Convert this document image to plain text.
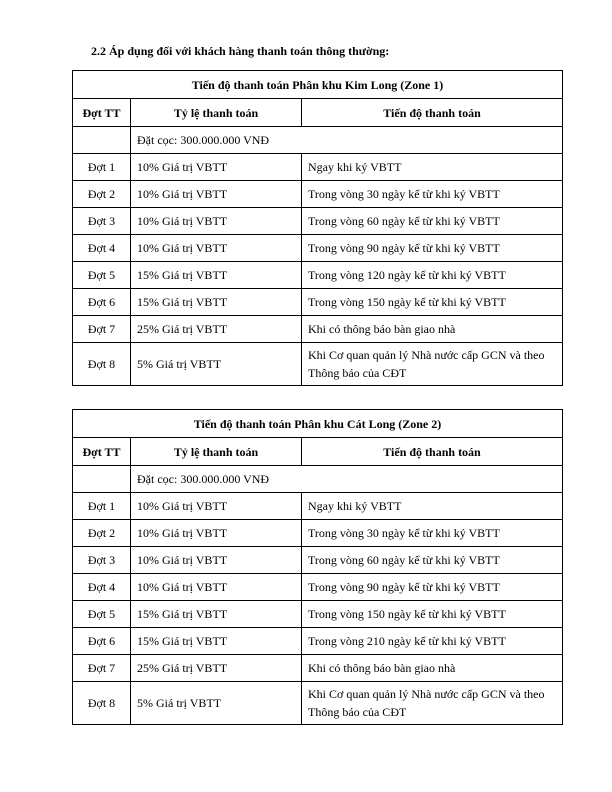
2.2 Áp dụng đối với khách hàng thanh toán thông thường:
Tiến độ thanh toán Phân khu Kim Long (Zone 1)		
Đợt TT	Tỷ lệ thanh toán	Tiến độ thanh toán
	Đặt cọc: 300.000.000 VNĐ	
Đợt 1	10% Giá trị VBTT	Ngay khi ký VBTT
Đợt 2	10% Giá trị VBTT	Trong vòng 30 ngày kể từ khi ký VBTT
Đợt 3	10% Giá trị VBTT	Trong vòng 60 ngày kể từ khi ký VBTT
Đợt 4	10% Giá trị VBTT	Trong vòng 90 ngày kể từ khi ký VBTT
Đợt 5	15% Giá trị VBTT	Trong vòng 120 ngày kể từ khi ký VBTT
Đợt 6	15% Giá trị VBTT	Trong vòng 150 ngày kể từ khi ký VBTT
Đợt 7	25% Giá trị VBTT	Khi có thông báo bàn giao nhà
Đợt 8	5% Giá trị VBTT	Khi Cơ quan quản lý Nhà nước cấp GCN và theo Thông báo của CĐT
Tiến độ thanh toán Phân khu Cát Long (Zone 2)		
Đợt TT	Tỷ lệ thanh toán	Tiến độ thanh toán
	Đặt cọc: 300.000.000 VNĐ	
Đợt 1	10% Giá trị VBTT	Ngay khi ký VBTT
Đợt 2	10% Giá trị VBTT	Trong vòng 30 ngày kể từ khi ký VBTT
Đợt 3	10% Giá trị VBTT	Trong vòng 60 ngày kể từ khi ký VBTT
Đợt 4	10% Giá trị VBTT	Trong vòng 90 ngày kể từ khi ký VBTT
Đợt 5	15% Giá trị VBTT	Trong vòng 150 ngày kể từ khi ký VBTT
Đợt 6	15% Giá trị VBTT	Trong vòng 210 ngày kể từ khi ký VBTT
Đợt 7	25% Giá trị VBTT	Khi có thông báo bàn giao nhà
Đợt 8	5% Giá trị VBTT	Khi Cơ quan quản lý Nhà nước cấp GCN và theo Thông báo của CĐT
